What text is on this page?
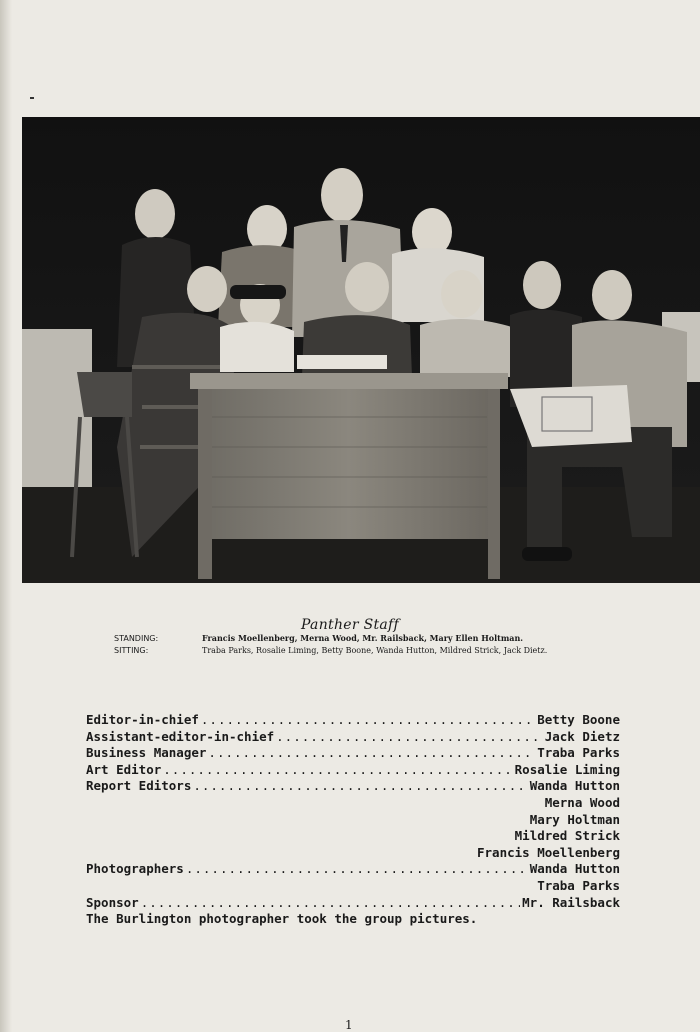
Panther Staff
STANDING:	Francis Moellenberg, Merna Wood, Mr. Railsback, Mary Ellen Holtman.
SITTING:	Traba Parks, Rosalie Liming, Betty Boone, Wanda Hutton, Mildred Strick, Jack Dietz.
Editor-in-chief .....	Betty Boone
Assistant-editor-in-chief .....	Jack Dietz
Business Manager .....	Traba Parks
Art Editor .....	Rosalie Liming
Report Editors .....	Wanda Hutton
Merna Wood
Mary Holtman
Mildred Strick
Francis Moellenberg
Photographers .....	Wanda Hutton
Traba Parks
Sponsor .....	Mr. Railsback
The Burlington photographer took the group pictures.
1
